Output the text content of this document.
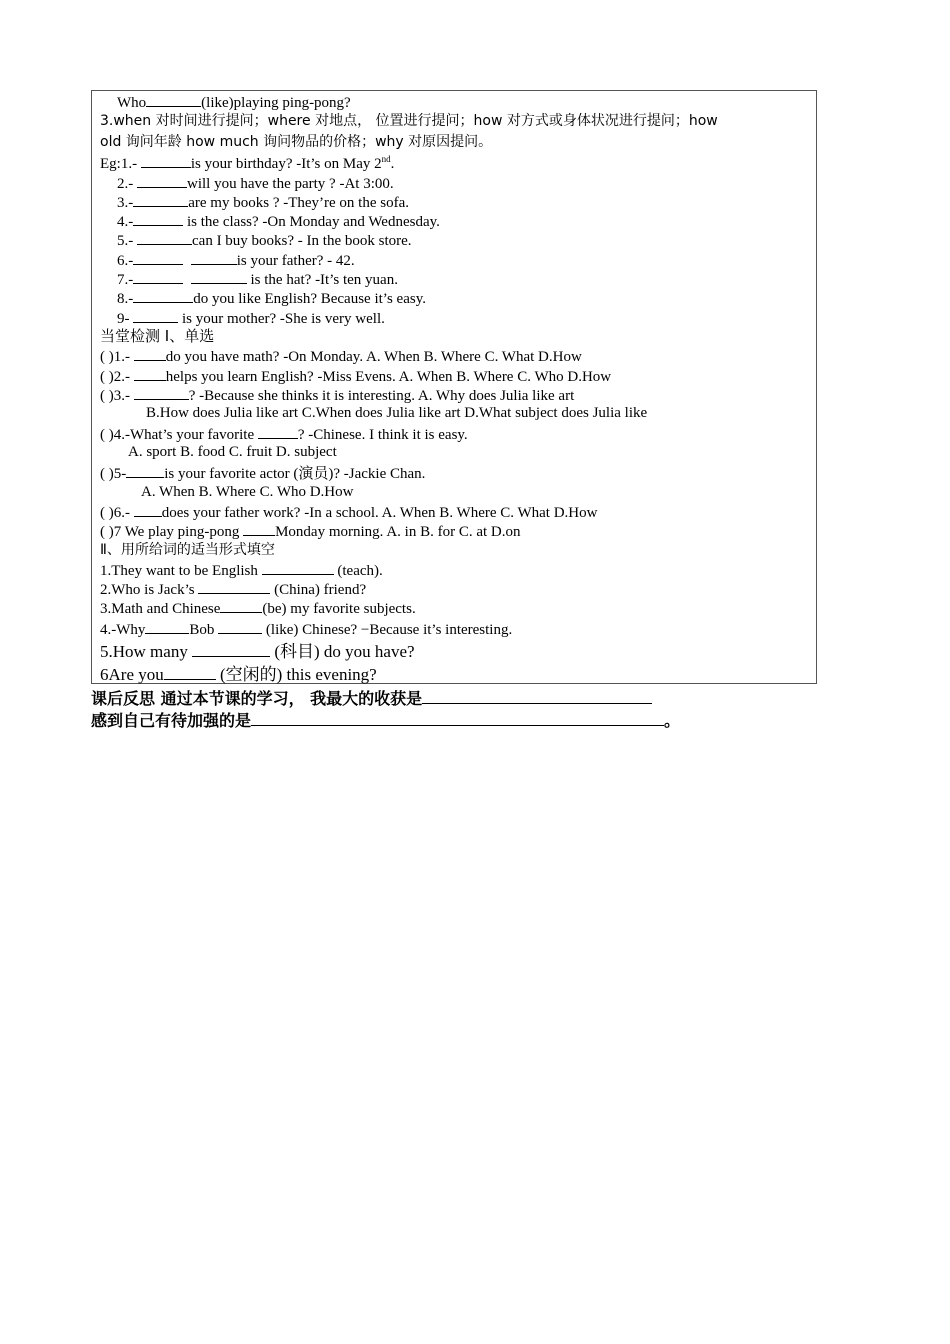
Who	(like)playing ping-pong?
3.when 对时间进行提问；where 对地点， 位置进行提问；how 对方式或身体状况进行提问；how
old 询问年龄 how much 询问物品的价格；why 对原因提问。
Eg:1.-	is your birthday? -It’s on May 2nd.
2.-	will you have the party ? -At 3:00.
3.-	are my books ? -They’re on the sofa.
4.-	is the class? -On Monday and Wednesday.
5.-	can I buy books? - In the book store.
6.-	is your father? - 42.
7.-	is the hat? -It’s ten yuan.
8.-	do you like English? Because it’s easy.
9-	is your mother? -She is very well.
当堂检测 Ⅰ、单选
( )1.- do you have math? -On Monday. A. When B. Where C. What D.How
( )2.- helps you learn English? -Miss Evens. A. When B. Where C. Who D.How
( )3.-	? -Because she thinks it is interesting. A. Why does Julia like art
B.How does Julia like art C.When does Julia like art D.What subject does Julia like
( )4.-What’s your favorite	? -Chinese. I think it is easy.
A. sport B. food C. fruit D. subject
( )5-	is your favorite actor (演员)? -Jackie Chan.
A. When B. Where C. Who D.How
( )6.- does your father work? -In a school. A. When B. Where C. What D.How
( )7 We play ping-pong Monday morning. A. in B. for C. at D.on
Ⅱ、用所给词的适当形式填空
1.They want to be English	(teach).
2.Who is Jack’s	(China) friend?
3.Math and Chinese	(be) my favorite subjects.
4.-Why	Bob	(like) Chinese? −Because it’s interesting.
5.How many	(科目) do you have?
6Are you	(空闲的) this evening?
课后反思 通过本节课的学习， 我最大的收获是
感到自己有待加强的是	。
